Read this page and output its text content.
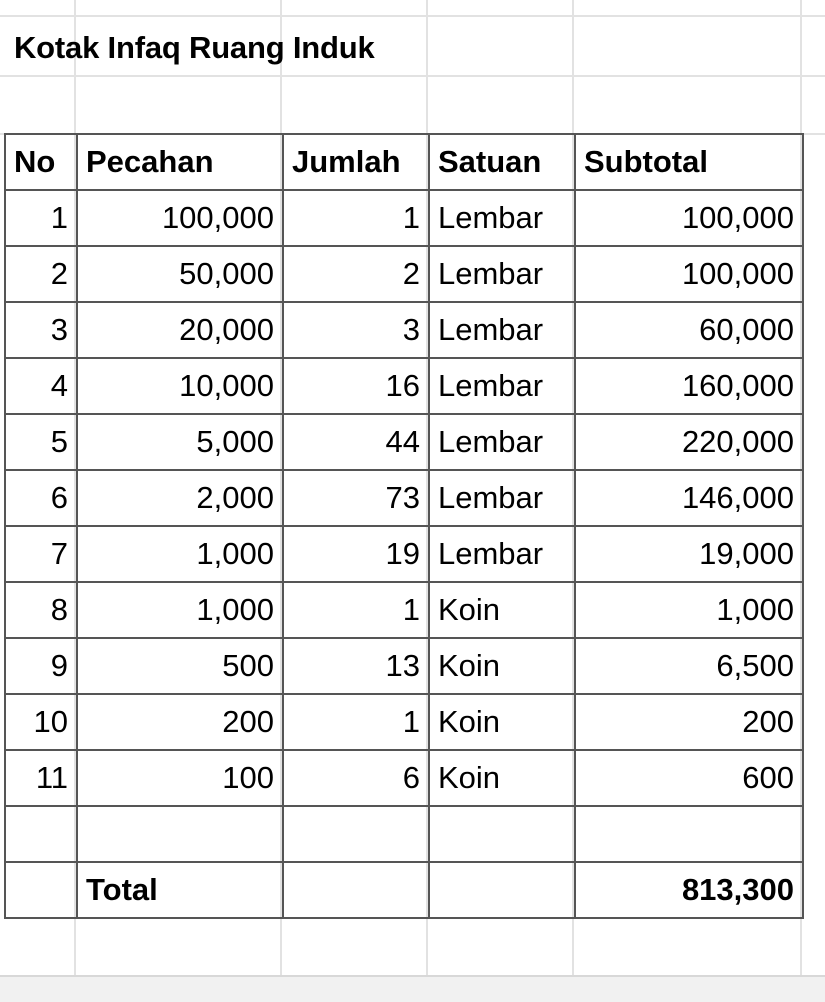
Kotak Infaq Ruang Induk
No	Pecahan	Jumlah	Satuan	Subtotal
1	100,000	1	Lembar	100,000
2	50,000	2	Lembar	100,000
3	20,000	3	Lembar	60,000
4	10,000	16	Lembar	160,000
5	5,000	44	Lembar	220,000
6	2,000	73	Lembar	146,000
7	1,000	19	Lembar	19,000
8	1,000	1	Koin	1,000
9	500	13	Koin	6,500
10	200	1	Koin	200
11	100	6	Koin	600

	Total			813,300
